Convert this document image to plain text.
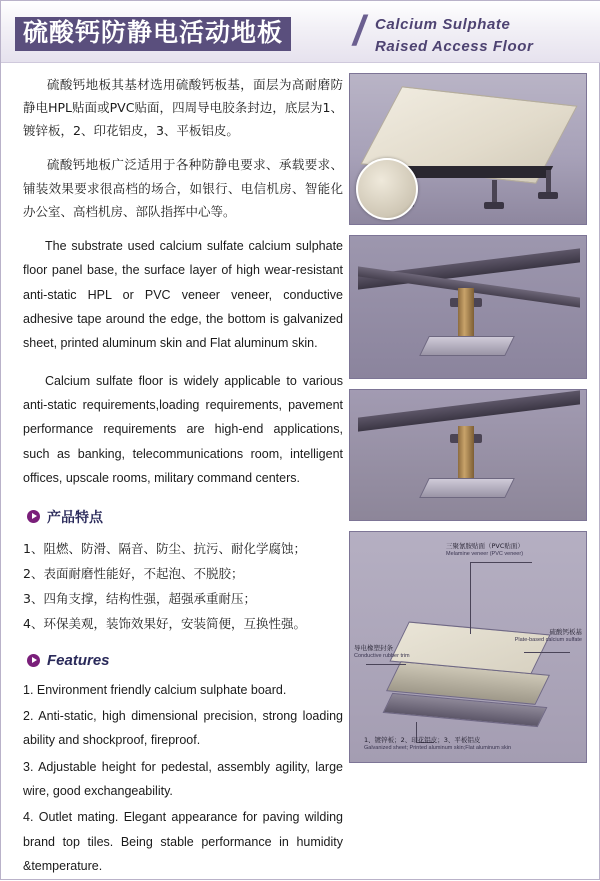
硫酸钙防静电活动地板 / Calcium Sulphate
Raised Access Floor

硫酸钙地板其基材选用硫酸钙板基，面层为高耐磨防静电HPL贴面或PVC贴面，四周导电胶条封边，底层为1、镀锌板，2、印花铝皮，3、平板铝皮。

硫酸钙地板广泛适用于各种防静电要求、承载要求、铺装效果要求很高档的场合，如银行、电信机房、智能化办公室、高档机房、部队指挥中心等。

The substrate used calcium sulfate calcium sulphate floor panel base, the surface layer of high wear-resistant anti-static HPL or PVC veneer veneer, conductive adhesive tape around the edge, the bottom is galvanized sheet, printed aluminum skin and Flat aluminum skin.

Calcium sulfate floor is widely applicable to various anti-static requirements,loading requirements, pavement performance requirements are high-end applications, such as banking, telecommunications room, intelligent offices, upscale rooms, military command centers.

产品特点
1、阻燃、防滑、隔音、防尘、抗污、耐化学腐蚀；
2、表面耐磨性能好，不起泡、不脱胶；
3、四角支撑，结构性强，超强承重耐压；
4、环保美观，装饰效果好，安装简便，互换性强。
Features
1. Environment friendly calcium sulphate board.
2. Anti-static, high dimensional precision, strong loading ability and shockproof, fireproof.
3. Adjustable height for pedestal, assembly agility, large wire, good exchangeability.
4. Outlet mating. Elegant appearance for paving wilding brand top tiles. Being stable performance in humidity &temperature.
三聚氰胺贴面（PVC贴面）
Melamine veneer (PVC veneer)
导电橡塑封条
Conductive rubber trim
硫酸钙板基
Plate-based calcium sulfate
1、镀锌板；2、印花铝皮；3、平板铝皮
Galvanized sheet; Printed aluminum skin;Flat aluminum skin
